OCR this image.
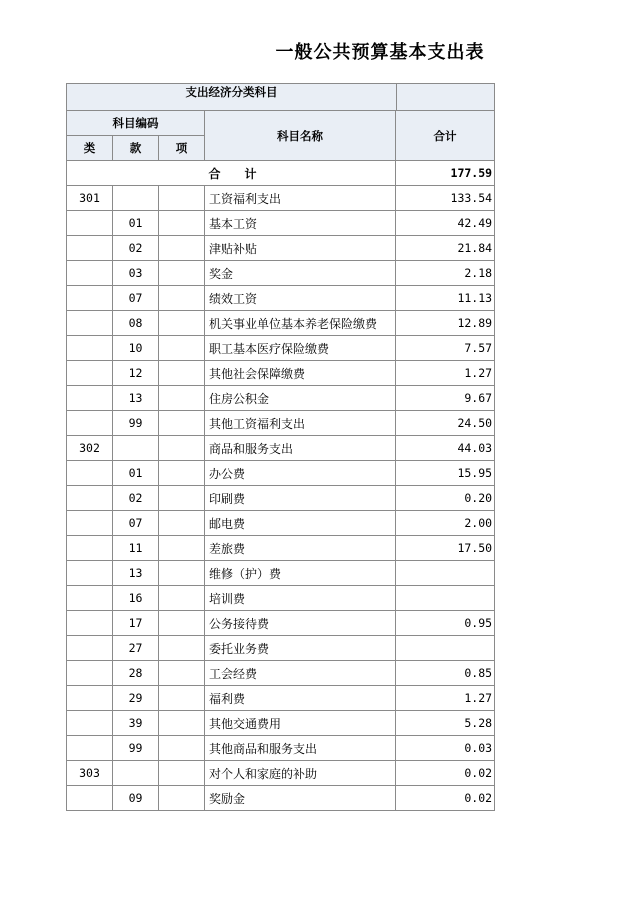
一般公共预算基本支出表
支出经济分类科目				

科目编码			科目名称	合计
类	款	项		
			合　　计	177.59
301			工资福利支出	133.54
	01		基本工资	42.49
	02		津贴补贴	21.84
	03		奖金	2.18
	07		绩效工资	11.13
	08		机关事业单位基本养老保险缴费	12.89
	10		职工基本医疗保险缴费	7.57
	12		其他社会保障缴费	1.27
	13		住房公积金	9.67
	99		其他工资福利支出	24.50
302			商品和服务支出	44.03
	01		办公费	15.95
	02		印刷费	0.20
	07		邮电费	2.00
	11		差旅费	17.50
	13		维修（护）费	
	16		培训费	
	17		公务接待费	0.95
	27		委托业务费	
	28		工会经费	0.85
	29		福利费	1.27
	39		其他交通费用	5.28
	99		其他商品和服务支出	0.03
303			对个人和家庭的补助	0.02
	09		奖励金	0.02
